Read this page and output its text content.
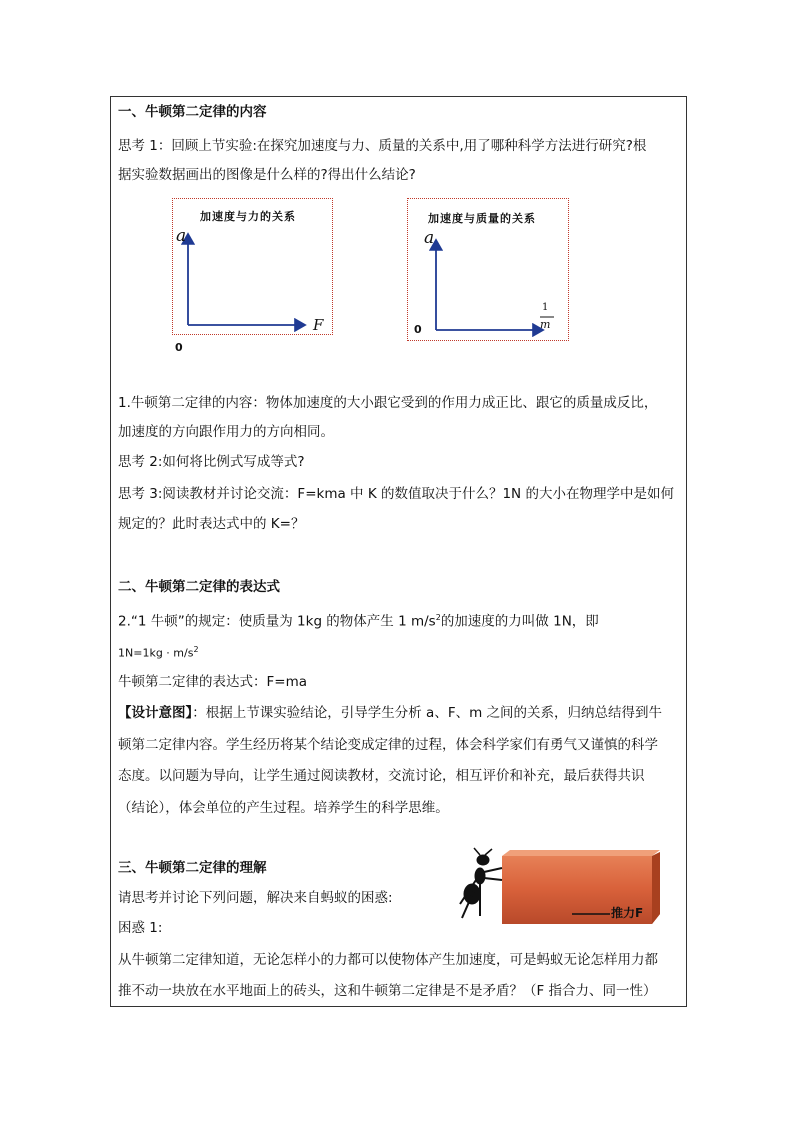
一、牛顿第二定律的内容
思考 1：回顾上节实验:在探究加速度与力、质量的关系中,用了哪种科学方法进行研究?根
据实验数据画出的图像是什么样的?得出什么结论?
加速度与力的关系
a
F
0
加速度与质量的关系
a
1
m
0
1.牛顿第二定律的内容：物体加速度的大小跟它受到的作用力成正比、跟它的质量成反比，
加速度的方向跟作用力的方向相同。
思考 2:如何将比例式写成等式?
思考 3:阅读教材并讨论交流：F=kma 中 K 的数值取决于什么？1N 的大小在物理学中是如何
规定的？此时表达式中的 K=？
二、牛顿第二定律的表达式
2.“1 牛顿”的规定：使质量为 1kg 的物体产生 1 $m/s^2$的加速度的力叫做 1N，即
$1N=1kg \cdot m/s^2$
牛顿第二定律的表达式：F=ma
【设计意图】：根据上节课实验结论，引导学生分析 a、F、m 之间的关系，归纳总结得到牛
顿第二定律内容。学生经历将某个结论变成定律的过程，体会科学家们有勇气又谨慎的科学
态度。以问题为导向，让学生通过阅读教材，交流讨论，相互评价和补充，最后获得共识
（结论），体会单位的产生过程。培养学生的科学思维。
三、牛顿第二定律的理解
请思考并讨论下列问题，解决来自蚂蚁的困惑:
困惑 1:
从牛顿第二定律知道，无论怎样小的力都可以使物体产生加速度，可是蚂蚁无论怎样用力都
推不动一块放在水平地面上的砖头，这和牛顿第二定律是不是矛盾？（F 指合力、同一性）
推力F
